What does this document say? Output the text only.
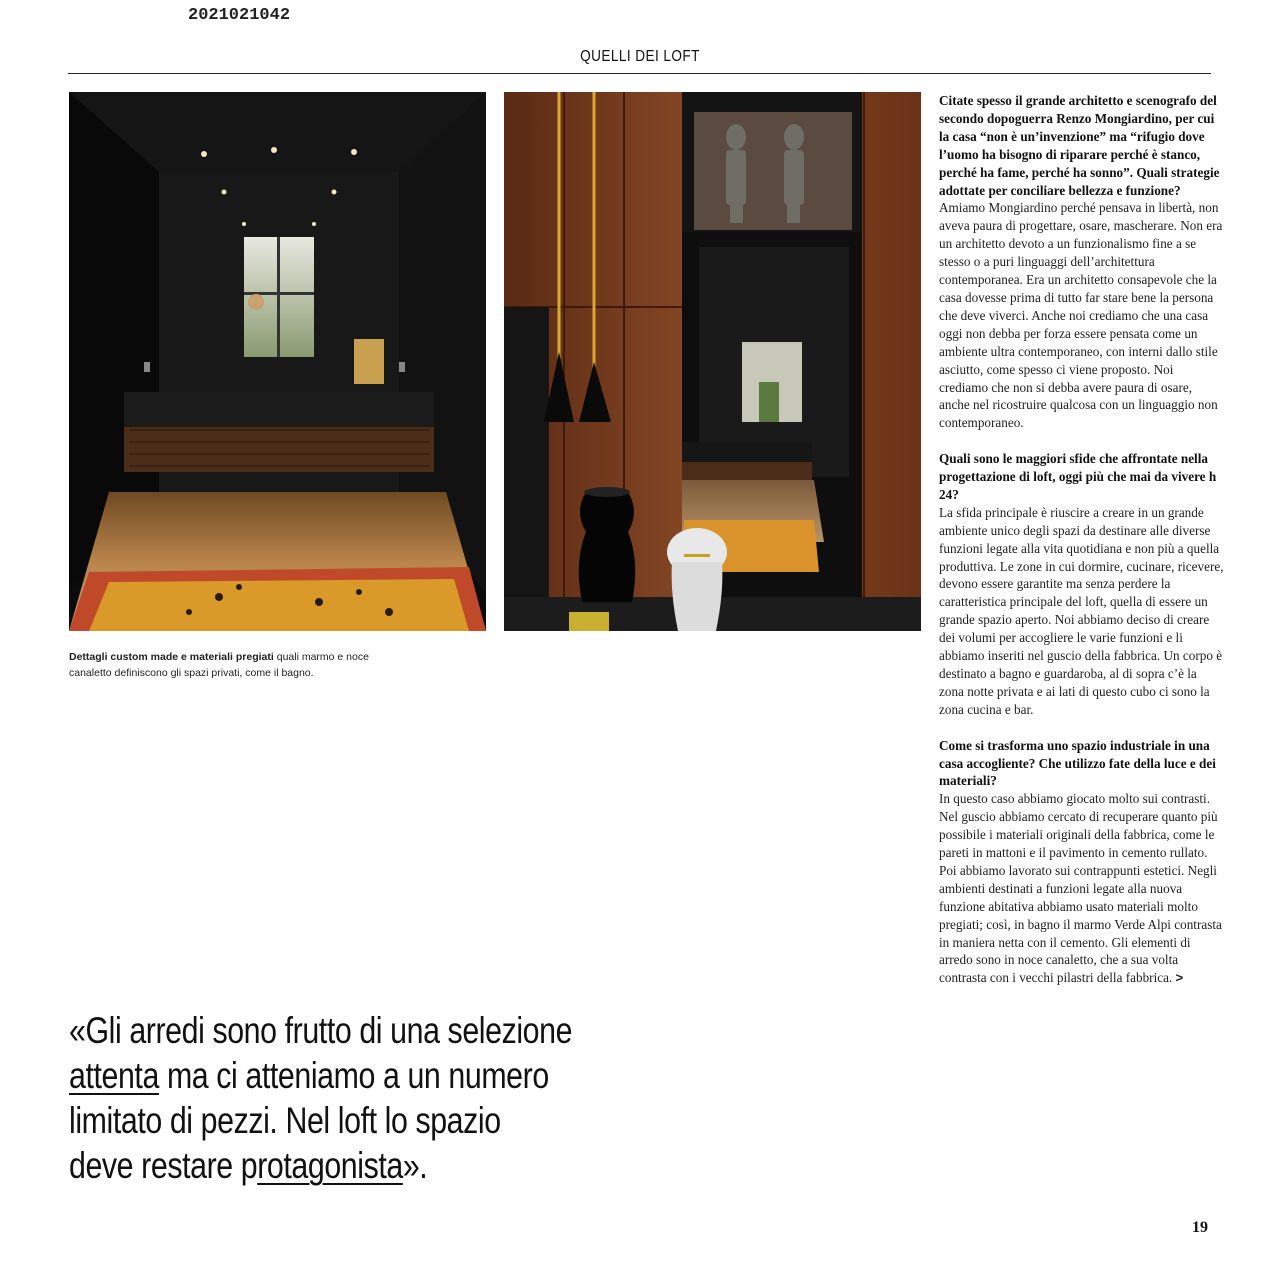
2021021042
QUELLI DEI LOFT
Dettagli custom made e materiali pregiati quali marmo e noce canaletto definiscono gli spazi privati, come il bagno.
«Gli arredi sono frutto di una selezione
attenta ma ci atteniamo a un numero
limitato di pezzi. Nel loft lo spazio
deve restare protagonista».

Citate spesso il grande architetto e scenografo del secondo dopoguerra Renzo Mongiardino, per cui la casa “non è un’invenzione” ma “rifugio dove l’uomo ha bisogno di riparare perché è stanco, perché ha fame, perché ha sonno”. Quali strategie adottate per conciliare bellezza e funzione?

Amiamo Mongiardino perché pensava in libertà, non aveva paura di progettare, osare, mascherare. Non era un architetto devoto a un funzionalismo fine a se stesso o a puri linguaggi dell’architettura contemporanea. Era un architetto consapevole che la casa dovesse prima di tutto far stare bene la persona che deve viverci. Anche noi crediamo che una casa oggi non debba per forza essere pensata come un ambiente ultra contemporaneo, con interni dallo stile asciutto, come spesso ci viene proposto. Noi crediamo che non si debba avere paura di osare, anche nel ricostruire qualcosa con un linguaggio non contemporaneo.

Quali sono le maggiori sfide che affrontate nella progettazione di loft, oggi più che mai da vivere h 24?

La sfida principale è riuscire a creare in un grande ambiente unico degli spazi da destinare alle diverse funzioni legate alla vita quotidiana e non più a quella produttiva. Le zone in cui dormire, cucinare, ricevere, devono essere garantite ma senza perdere la caratteristica principale del loft, quella di essere un grande spazio aperto. Noi abbiamo deciso di creare dei volumi per accogliere le varie funzioni e li abbiamo inseriti nel guscio della fabbrica. Un corpo è destinato a bagno e guardaroba, al di sopra c’è la zona notte privata e ai lati di questo cubo ci sono la zona cucina e bar.

Come si trasforma uno spazio industriale in una casa accogliente? Che utilizzo fate della luce e dei materiali?

In questo caso abbiamo giocato molto sui contrasti. Nel guscio abbiamo cercato di recuperare quanto più possibile i materiali originali della fabbrica, come le pareti in mattoni e il pavimento in cemento rullato. Poi abbiamo lavorato sui contrappunti estetici. Negli ambienti destinati a funzioni legate alla nuova funzione abitativa abbiamo usato materiali molto pregiati; così, in bagno il marmo Verde Alpi contrasta in maniera netta con il cemento. Gli elementi di arredo sono in noce canaletto, che a sua volta contrasta con i vecchi pilastri della fabbrica. >

19
